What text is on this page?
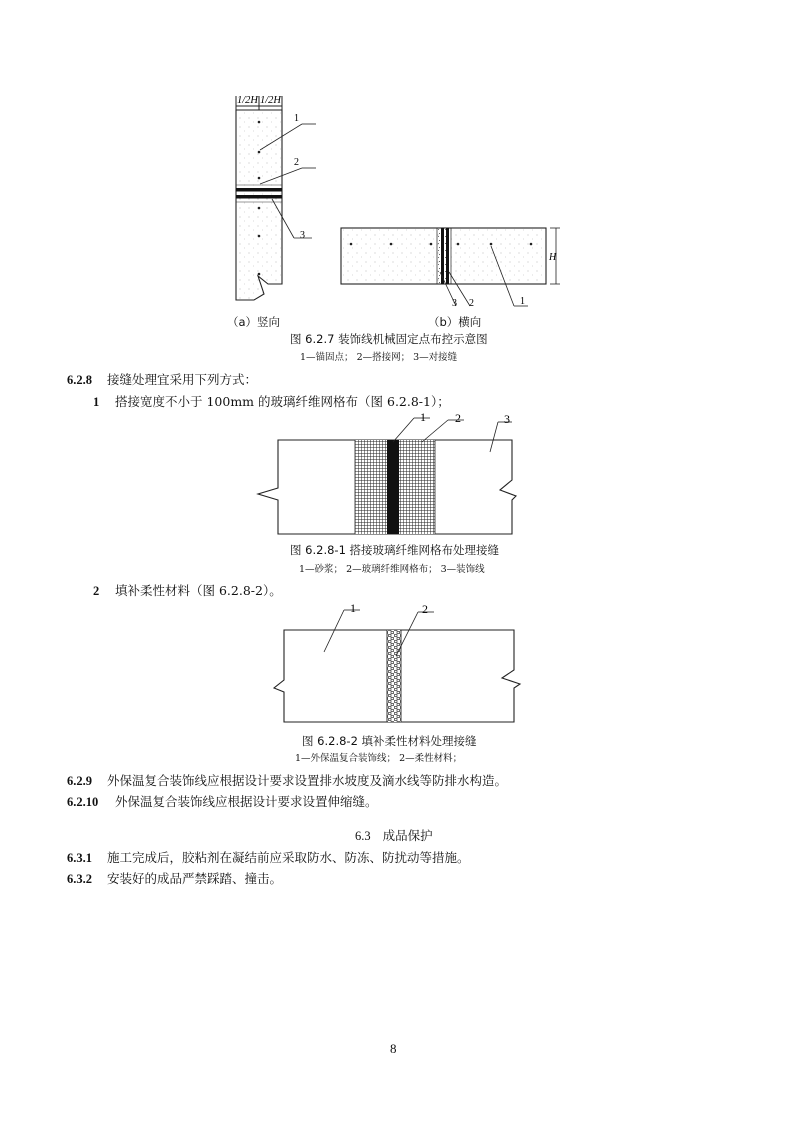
1/2H 1/2H
1
2
3
H
3 2	1
（a）竖向	（b）横向
图 6.2.7 装饰线机械固定点布控示意图
1—锚固点； 2—搭接网； 3—对接缝
6.2.8 接缝处理宜采用下列方式：
1 搭接宽度不小于 100mm 的玻璃纤维网格布（图 6.2.8-1）；
1 2	3
图 6.2.8-1 搭接玻璃纤维网格布处理接缝
1—砂浆； 2—玻璃纤维网格布； 3—装饰线
2 填补柔性材料（图 6.2.8-2）。
1	2
图 6.2.8-2 填补柔性材料处理接缝
1—外保温复合装饰线； 2—柔性材料；
6.2.9 外保温复合装饰线应根据设计要求设置排水坡度及滴水线等防排水构造。
6.2.10 外保温复合装饰线应根据设计要求设置伸缩缝。
6.3 成品保护
6.3.1 施工完成后，胶粘剂在凝结前应采取防水、防冻、防扰动等措施。
6.3.2 安装好的成品严禁踩踏、撞击。
8
